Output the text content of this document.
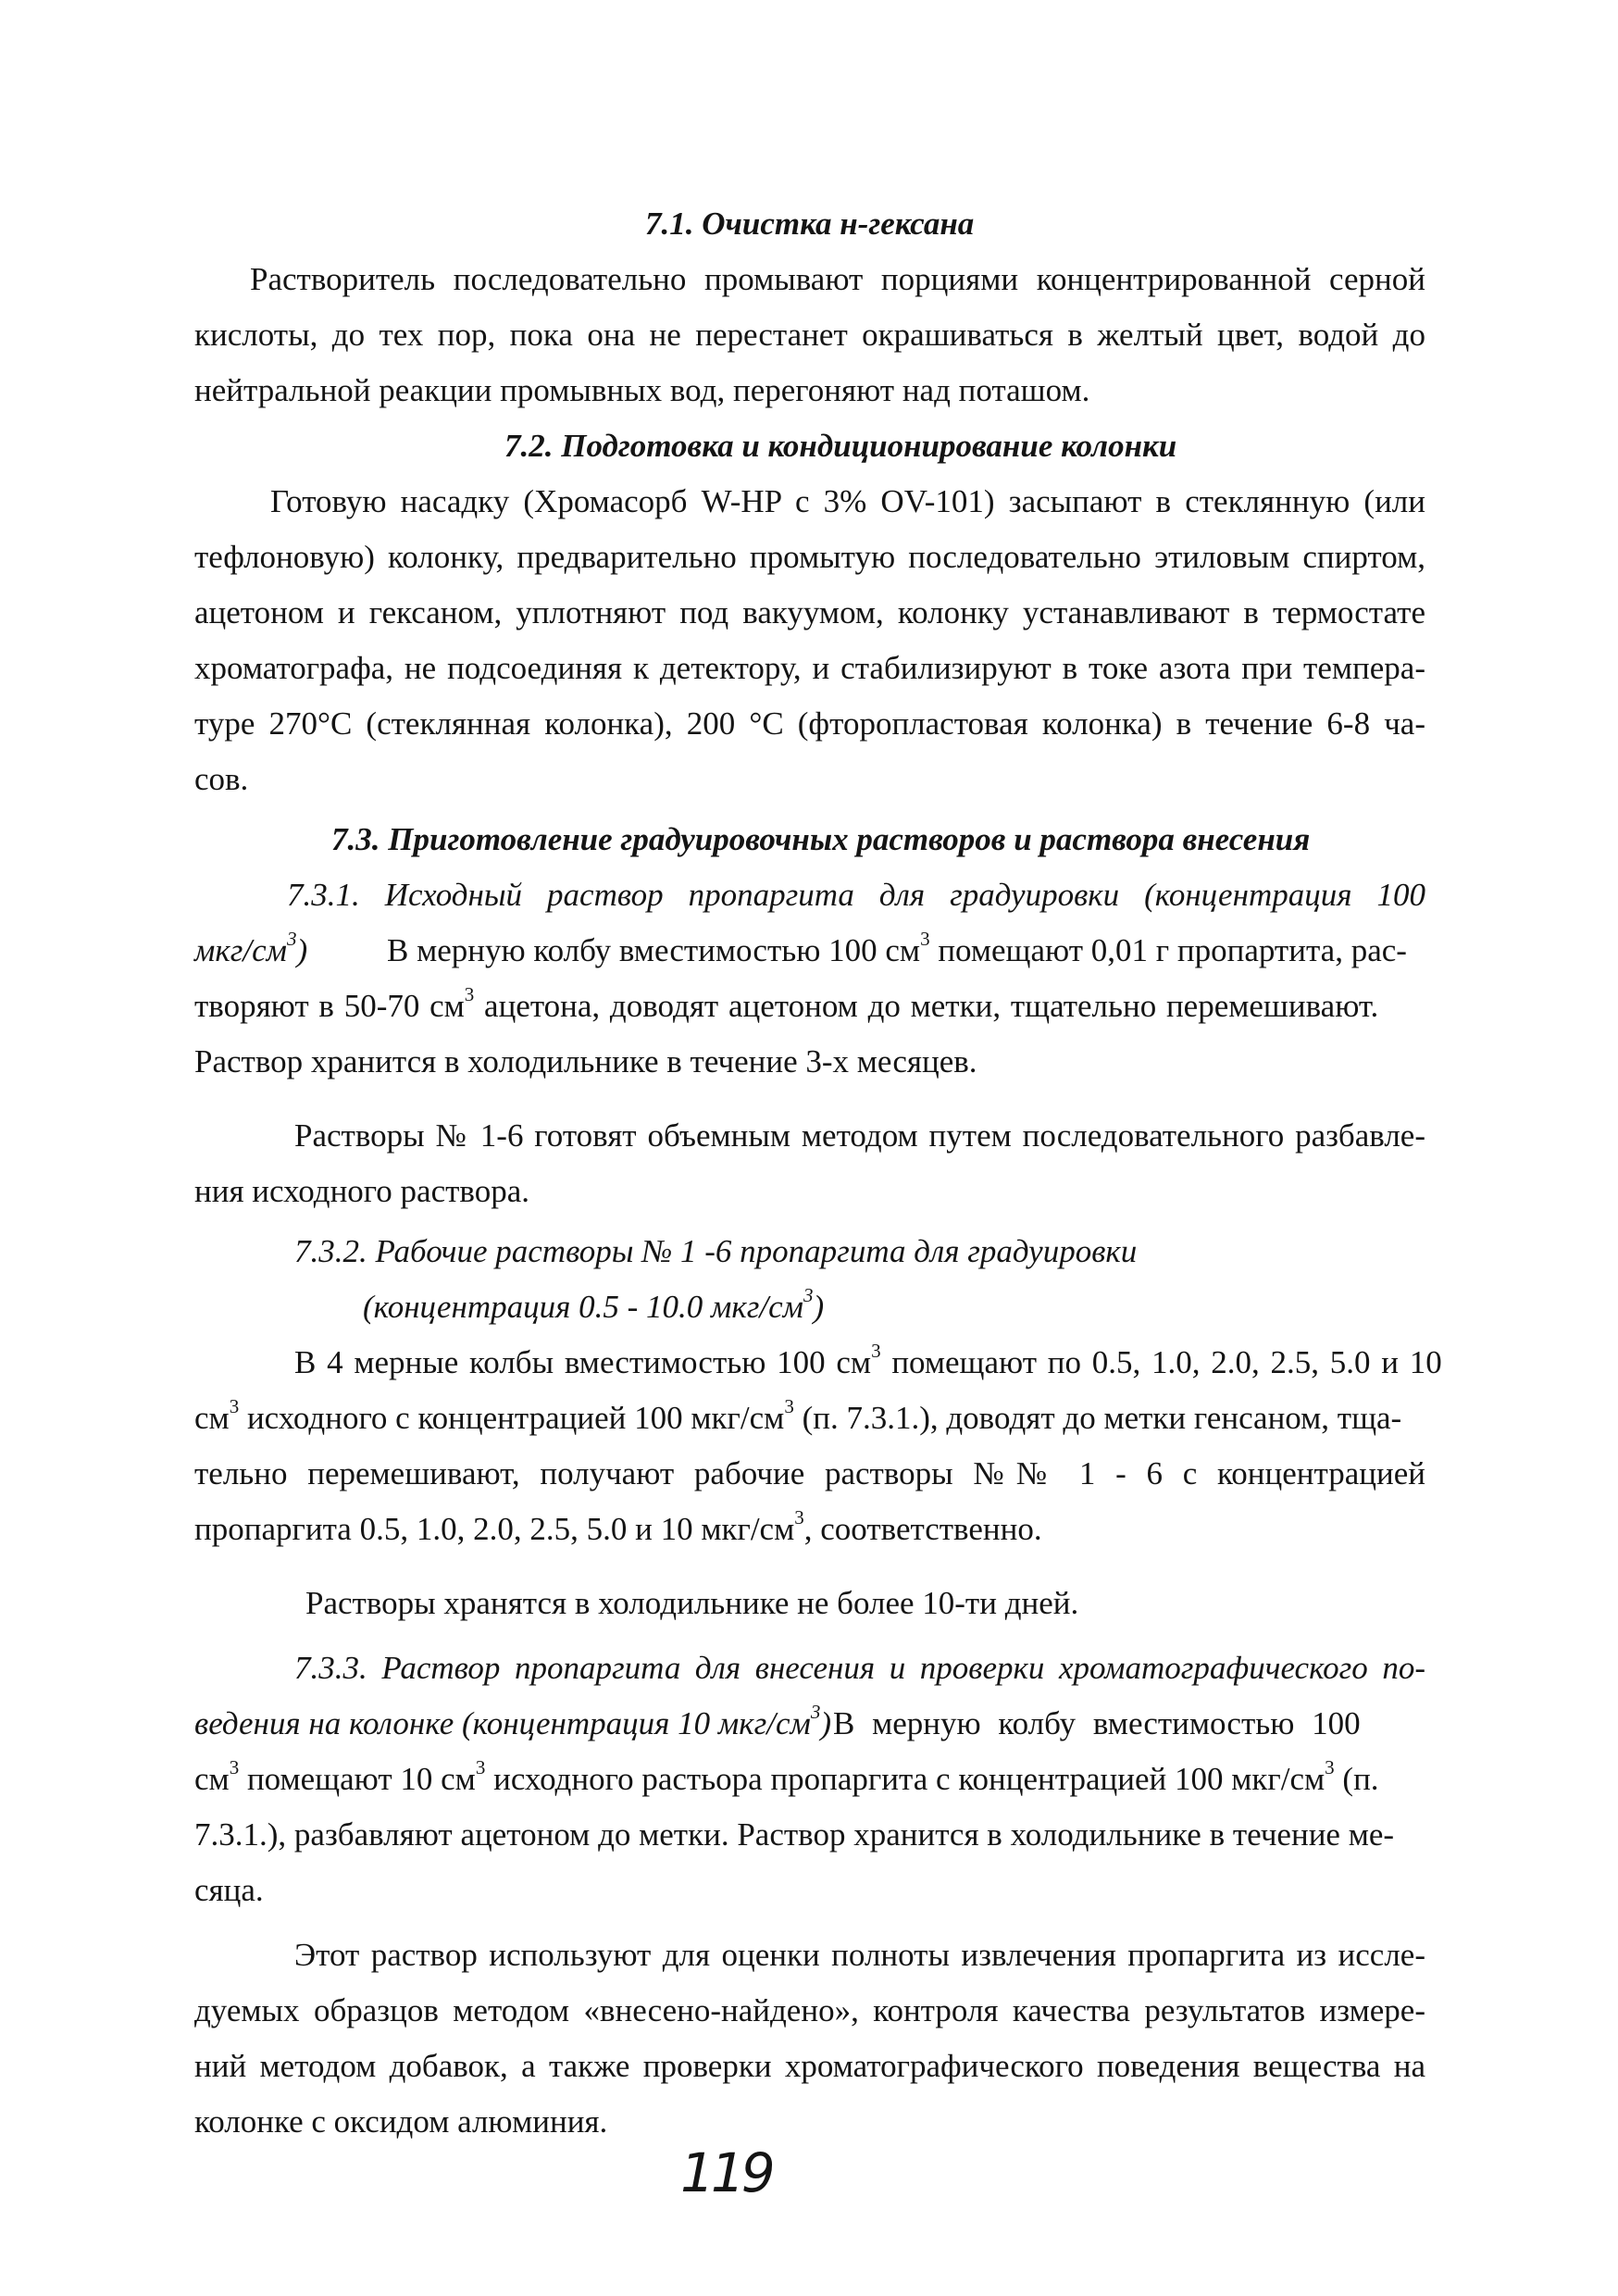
7.1. Очистка н-гексана
Растворитель последовательно промывают порциями концентрированной серной
кислоты, до тех пор, пока она не перестанет окрашиваться в желтый цвет, водой до
нейтральной реакции промывных вод, перегоняют над поташом.
7.2. Подготовка и кондиционирование колонки
Готовую насадку (Хромасорб W-HP с 3% OV-101) засыпают в стеклянную (или
тефлоновую) колонку, предварительно промытую последовательно этиловым спиртом,
ацетоном и гексаном, уплотняют под вакуумом, колонку устанавливают в термостате
хроматографа, не подсоединяя к детектору, и стабилизируют в токе азота при темпера-
туре 270°С (стеклянная колонка), 200 °С (фторопластовая колонка) в течение 6-8 ча-
сов.
7.3. Приготовление градуировочных растворов и раствора внесения
7.3.1. Исходный раствор пропаргита для градуировки (концентрация 100
мкг/$см^3$) В мерную колбу вместимостью 100 $см^3$ помещают 0,01 г пропартита, рас-
творяют в 50-70 $см^3$ ацетона, доводят ацетоном до метки, тщательно перемешивают.
Раствор хранится в холодильнике в течение 3-х месяцев.
Растворы № 1-6 готовят объемным методом путем последовательного разбавле-
ния исходного раствора.
7.3.2. Рабочие растворы № 1 -6 пропаргита для градуировки
(концентрация 0.5 - 10.0 мкг/$см^3$)
В 4 мерные колбы вместимостью 100 $см^3$ помещают по 0.5, 1.0, 2.0, 2.5, 5.0 и 10
$см^3$ исходного с концентрацией 100 мкг/$см^3$ (п. 7.3.1.), доводят до метки генсаном, тща-
тельно перемешивают, получают рабочие растворы №№ 1 - 6 с концентрацией
пропаргита 0.5, 1.0, 2.0, 2.5, 5.0 и 10 мкг/$см^3$, соответственно.
Растворы хранятся в холодильнике не более 10-ти дней.
7.3.3. Раствор пропаргита для внесения и проверки хроматографического по-
ведения на колонке (концентрация 10 мкг/$см^3$) В мерную колбу вместимостью 100
$см^3$ помещают 10 $см^3$ исходного растьора пропаргита с концентрацией 100 мкг/$см^3$ (п.
7.3.1.), разбавляют ацетоном до метки. Раствор хранится в холодильнике в течение ме-
сяца.
Этот раствор используют для оценки полноты извлечения пропаргита из иссле-
дуемых образцов методом «внесено-найдено», контроля качества результатов измере-
ний методом добавок, а также проверки хроматографического поведения вещества на
колонке с оксидом алюминия.
119
